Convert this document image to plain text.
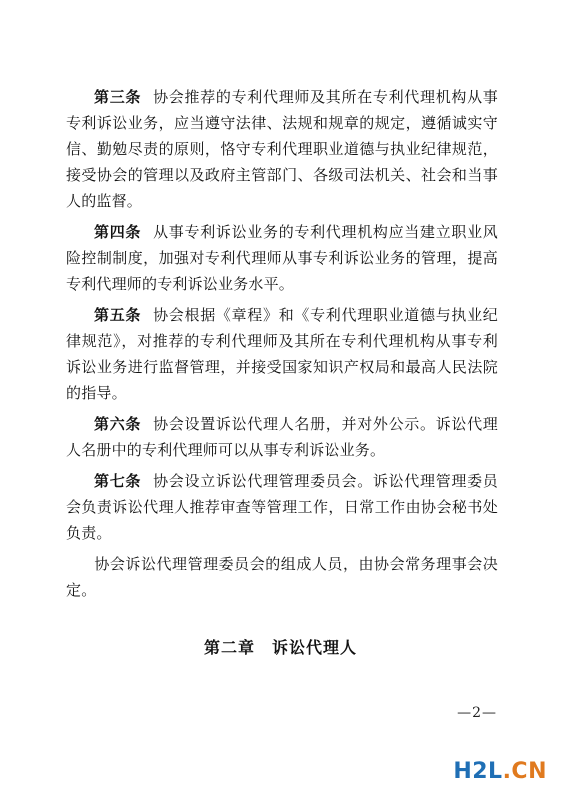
第三条 协会推荐的专利代理师及其所在专利代理机构从事专利诉讼业务，应当遵守法律、法规和规章的规定，遵循诚实守信、勤勉尽责的原则，恪守专利代理职业道德与执业纪律规范，接受协会的管理以及政府主管部门、各级司法机关、社会和当事人的监督。

第四条 从事专利诉讼业务的专利代理机构应当建立职业风险控制制度，加强对专利代理师从事专利诉讼业务的管理，提高专利代理师的专利诉讼业务水平。

第五条 协会根据《章程》和《专利代理职业道德与执业纪律规范》，对推荐的专利代理师及其所在专利代理机构从事专利诉讼业务进行监督管理，并接受国家知识产权局和最高人民法院的指导。

第六条 协会设置诉讼代理人名册，并对外公示。诉讼代理人名册中的专利代理师可以从事专利诉讼业务。

第七条 协会设立诉讼代理管理委员会。诉讼代理管理委员会负责诉讼代理人推荐审查等管理工作，日常工作由协会秘书处负责。

协会诉讼代理管理委员会的组成人员，由协会常务理事会决定。

第二章　诉讼代理人
—2—
H2L.CN
